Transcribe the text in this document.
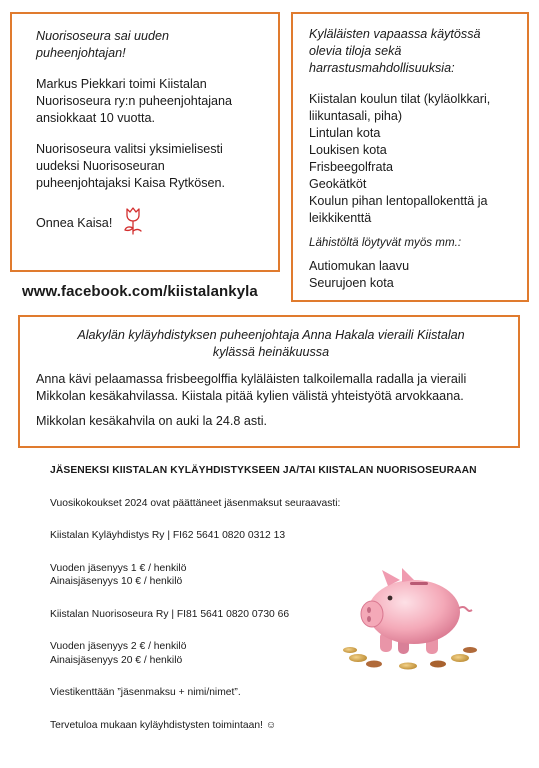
Nuorisoseura sai uuden

puheenjohtajan!

Markus Piekkari toimi Kiistalan

Nuorisoseura ry:n puheenjohtajana

ansiokkaat 10 vuotta.

Nuorisoseura valitsi yksimielisesti

uudeksi Nuorisoseuran

puheenjohtajaksi Kaisa Rytkösen.

Onnea Kaisa!

Kyläläisten vapaassa käytössä

olevia tiloja sekä

harrastusmahdollisuuksia:

Kiistalan koulun tilat (kyläolkkari,

liikuntasali, piha)

Lintulan kota

Loukisen kota

Frisbeegolfrata

Geokätköt

Koulun pihan lentopallokenttä ja

leikkikenttä

Lähistöltä löytyvät myös mm.:

Autiomukan laavu

Seurujoen kota

www.facebook.com/kiistalankyla

Alakylän kyläyhdistyksen puheenjohtaja Anna Hakala vieraili Kiistalan

kylässä heinäkuussa

Anna kävi pelaamassa frisbeegolffia kyläläisten talkoilemalla radalla ja vieraili

Mikkolan kesäkahvilassa. Kiistala pitää kylien välistä yhteistyötä arvokkaana.

Mikkolan kesäkahvila on auki la 24.8 asti.

JÄSENEKSI KIISTALAN KYLÄYHDISTYKSEEN JA/TAI KIISTALAN NUORISOSEURAAN

Vuosikokoukset 2024 ovat päättäneet jäsenmaksut seuraavasti:

Kiistalan Kyläyhdistys Ry | FI62 5641 0820 0312 13

Vuoden jäsenyys 1 € / henkilö

Ainaisjäsenyys 10 € / henkilö

Kiistalan Nuorisoseura Ry | FI81 5641 0820 0730 66

Vuoden jäsenyys 2 € / henkilö

Ainaisjäsenyys 20 € / henkilö

Viestikenttään ”jäsenmaksu + nimi/nimet”.

Tervetuloa mukaan kyläyhdistysten toimintaan! ☺
